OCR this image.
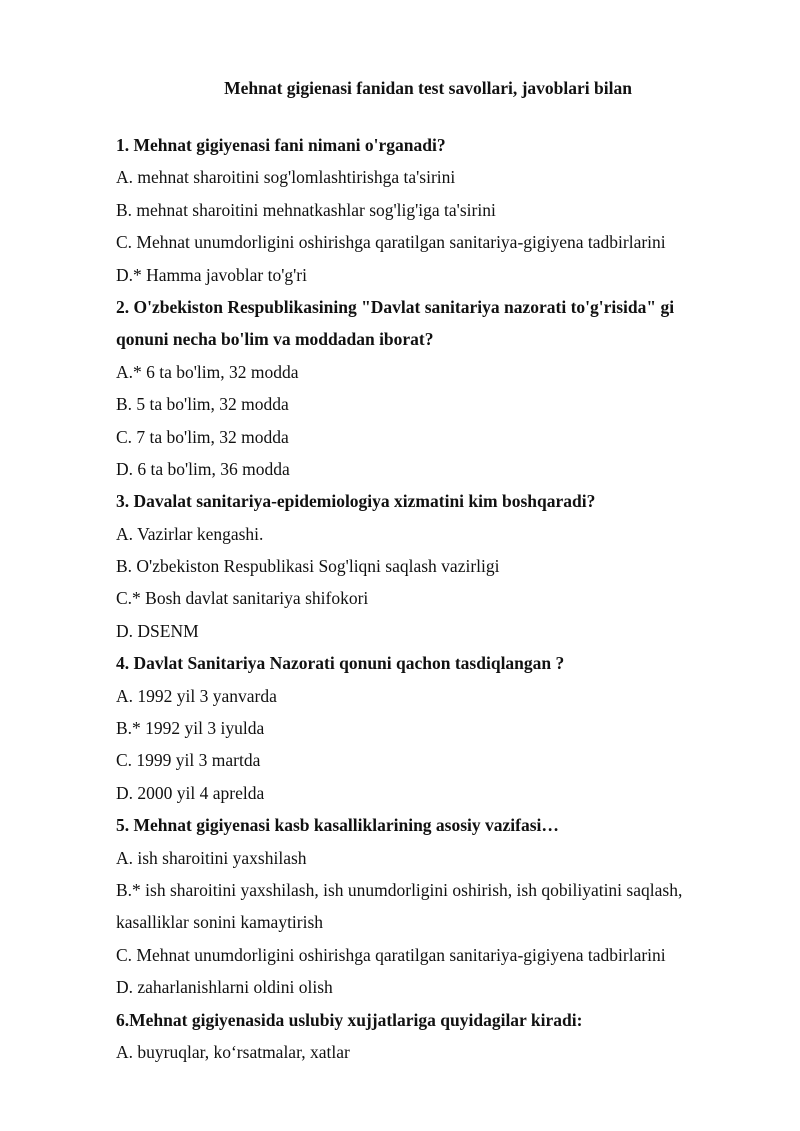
Mehnat gigienasi fanidan test savollari, javoblari bilan
1. Mehnat gigiyenasi fani nimani o'rganadi?
A. mehnat sharoitini sog'lomlashtirishga ta'sirini
B. mehnat sharoitini mehnatkashlar sog'lig'iga ta'sirini
C. Mehnat unumdorligini oshirishga qaratilgan sanitariya-gigiyena tadbirlarini
D.* Hamma javoblar to'g'ri
2. O'zbekiston Respublikasining "Davlat sanitariya nazorati to'g'risida" gi
qonuni necha bo'lim va moddadan iborat?
A.* 6 ta bo'lim, 32 modda
B. 5 ta bo'lim, 32 modda
C. 7 ta bo'lim, 32 modda
D. 6 ta bo'lim, 36 modda
3. Davalat sanitariya-epidemiologiya xizmatini kim boshqaradi?
A. Vazirlar kengashi.
B. O'zbekiston Respublikasi Sog'liqni saqlash vazirligi
C.* Bosh davlat sanitariya shifokori
D. DSENM
4. Davlat Sanitariya Nazorati qonuni qachon tasdiqlangan ?
A. 1992 yil 3 yanvarda
B.* 1992 yil 3 iyulda
C. 1999 yil 3 martda
D. 2000 yil 4 aprelda
5. Mehnat gigiyenasi kasb kasalliklarining asosiy vazifasi…
A. ish sharoitini yaxshilash
B.* ish sharoitini yaxshilash, ish unumdorligini oshirish, ish qobiliyatini saqlash,
kasalliklar sonini kamaytirish
C. Mehnat unumdorligini oshirishga qaratilgan sanitariya-gigiyena tadbirlarini
D. zaharlanishlarni oldini olish
6.Mehnat gigiyenasida uslubiy xujjatlariga quyidagilar kiradi:
A. buyruqlar, ko‘rsatmalar, xatlar
